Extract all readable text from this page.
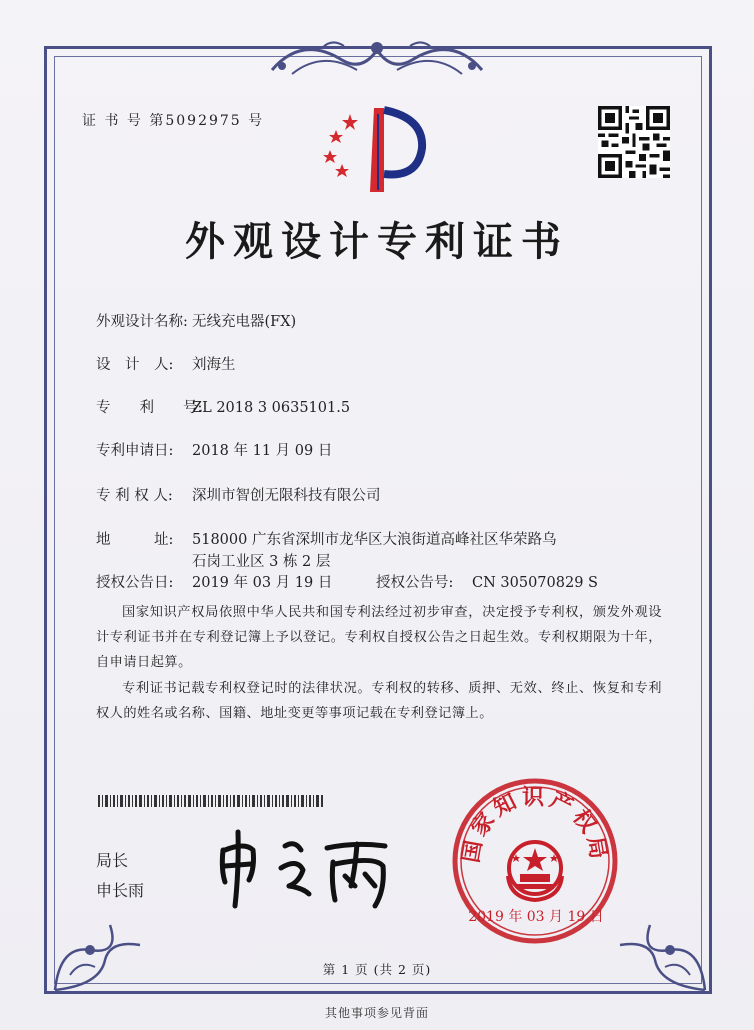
证 书 号 第5092975 号
外观设计专利证书
外观设计名称: 无线充电器(FX)
设　计　人: 刘海生
专　　利　　号:ZL 2018 3 0635101.5
专利申请日: 2018 年 11 月 09 日
专 利 权 人: 深圳市智创无限科技有限公司
地　　　址: 518000 广东省深圳市龙华区大浪街道高峰社区华荣路乌
石岗工业区 3 栋 2 层
授权公告日: 2019 年 03 月 19 日	授权公告号: CN 305070829 S
国家知识产权局依照中华人民共和国专利法经过初步审查，决定授予专利权，颁发外观设计专利证书并在专利登记簿上予以登记。专利权自授权公告之日起生效。专利权期限为十年，自申请日起算。
专利证书记载专利权登记时的法律状况。专利权的转移、质押、无效、终止、恢复和专利权人的姓名或名称、国籍、地址变更等事项记载在专利登记簿上。
局长
申长雨
国家知识产权局
2019 年 03 月 19 日
第 1 页 (共 2 页)
其他事项参见背面
